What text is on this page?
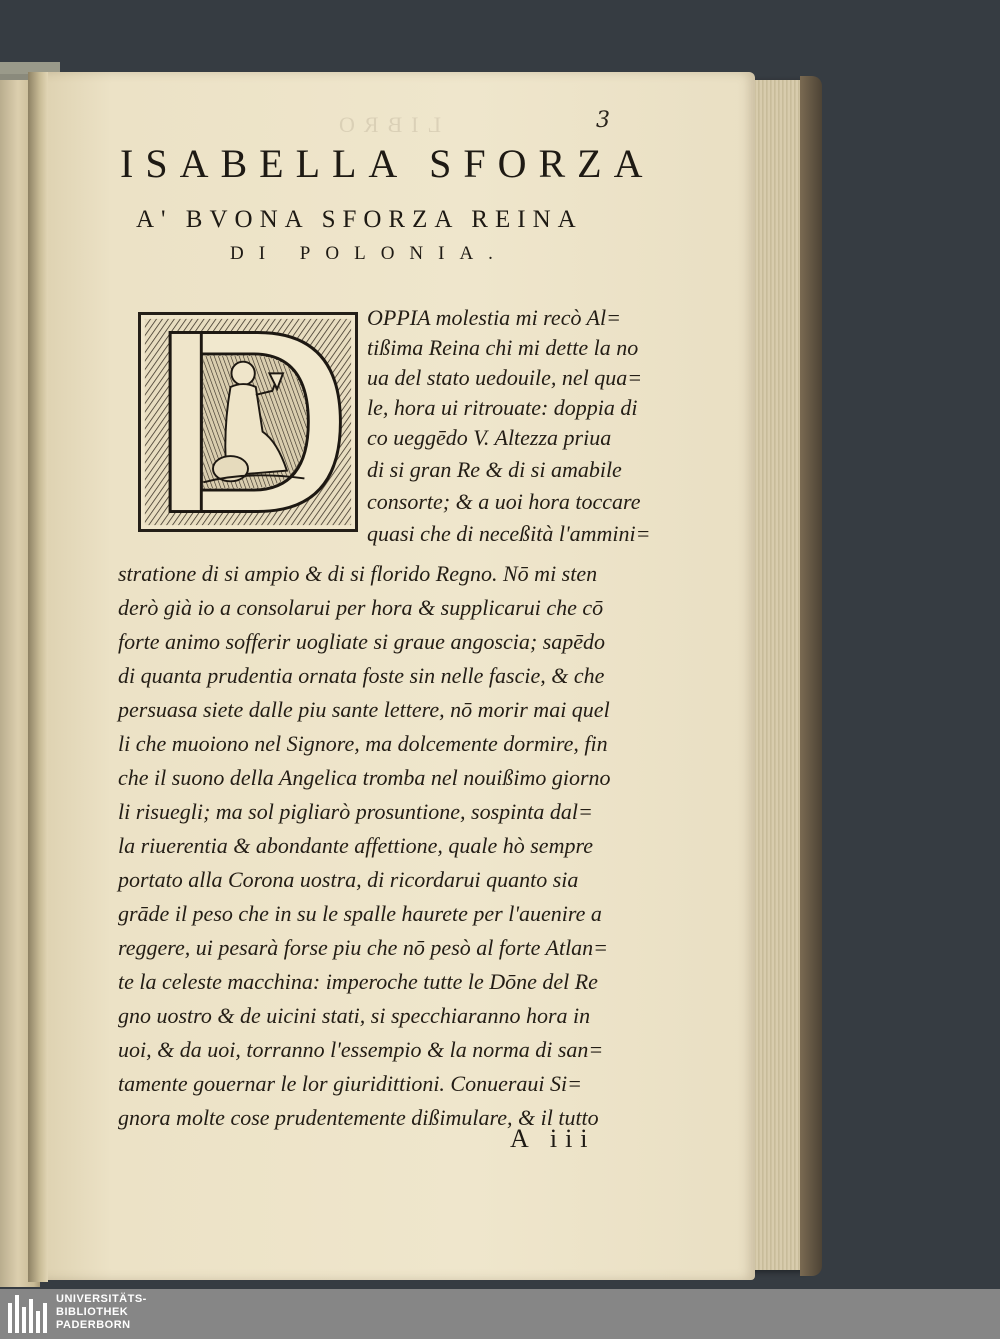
LIBRO	3
ISABELLA SFORZA
A' BVONA SFORZA REINA
DI POLONIA.
OPPIA molestia mi recò Al=
tißima Reina chi mi dette la no
ua del stato uedouile, nel qua=
le, hora ui ritrouate: doppia di
co ueggēdo V. Altezza priua
di si gran Re & di si amabile
consorte; & a uoi hora toccare
quasi che di neceßità l'ammini=
stratione di si ampio & di si florido Regno. Nō mi sten
derò già io a consolarui per hora & supplicarui che cō
forte animo sofferir uogliate si graue angoscia; sapēdo
di quanta prudentia ornata foste sin nelle fascie, & che
persuasa siete dalle piu sante lettere, nō morir mai quel
li che muoiono nel Signore, ma dolcemente dormire, fin
che il suono della Angelica tromba nel nouißimo giorno
li risuegli; ma sol pigliarò prosuntione, sospinta dal=
la riuerentia & abondante affettione, quale hò sempre
portato alla Corona uostra, di ricordarui quanto sia
grāde il peso che in su le spalle haurete per l'auenire a
reggere, ui pesarà forse piu che nō pesò al forte Atlan=
te la celeste macchina: imperoche tutte le Dōne del Re
gno uostro & de uicini stati, si specchiaranno hora in
uoi, & da uoi, torranno l'essempio & la norma di san=
tamente gouernar le lor giuridittioni. Conueraui Si=
gnora molte cose prudentemente dißimulare, & il tutto
A iii
UNIVERSITÄTS-
BIBLIOTHEK
PADERBORN
